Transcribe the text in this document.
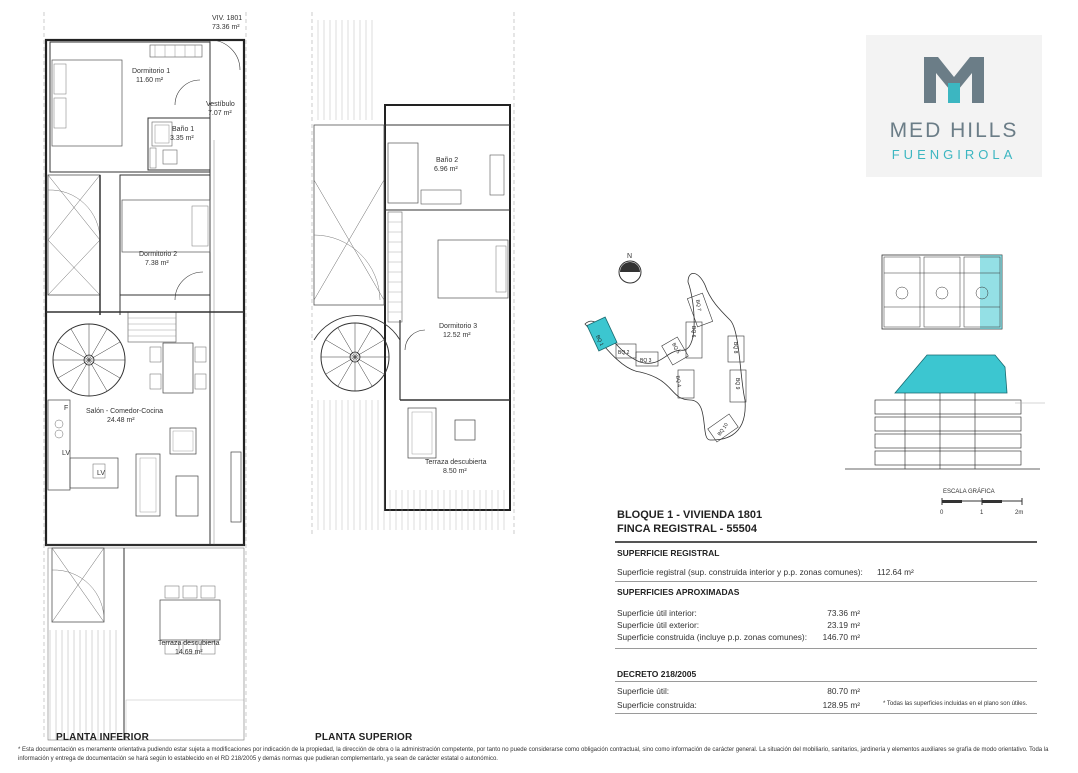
VIV. 1801
73.36 m²
Dormitorio 1
11.60 m²
Vestíbulo
7.07 m²
Baño 1
3.35 m²
Dormitorio 2
7.38 m²
Salón - Comedor-Cocina
24.48 m²
Terraza descubierta
14.69 m²
F
LV
LV
PLANTA INFERIOR
Baño 2
6.96 m²
Dormitorio 3
12.52 m²
Terraza descubierta
8.50 m²
PLANTA SUPERIOR
MED HILLS
FUENGIROLA
N
BQ 1
BQ 2
BQ 3
BQ 4
BQ 5
BQ 6
BQ 7
BQ 8
BQ 9
BQ 10
ESCALA GRÁFICA
0	1	2m
BLOQUE 1 - VIVIENDA 1801
FINCA REGISTRAL - 55504
SUPERFICIE REGISTRAL
Superficie registral (sup. construida interior y p.p. zonas comunes): 112.64 m²
SUPERFICIES APROXIMADAS
Superficie útil interior:	73.36 m²
Superficie útil exterior:	23.19 m²
Superficie construida (incluye p.p. zonas comunes):	146.70 m²
DECRETO 218/2005
Superficie útil:	80.70 m²
Superficie construida:	128.95 m²	* Todas las superficies incluidas en el plano son útiles.
* Esta documentación es meramente orientativa pudiendo estar sujeta a modificaciones por indicación de la propiedad, la dirección de obra o la administración competente, por tanto no puede considerarse como obligación contractual, sino como información de carácter general. La situación del mobiliario, sanitarios, jardinería y elementos auxiliares se grafía de modo orientativo. Toda la información y entrega de documentación se hará según lo establecido en el RD 218/2005 y demás normas que pudieran complementarlo, ya sean de carácter estatal o autonómico.
